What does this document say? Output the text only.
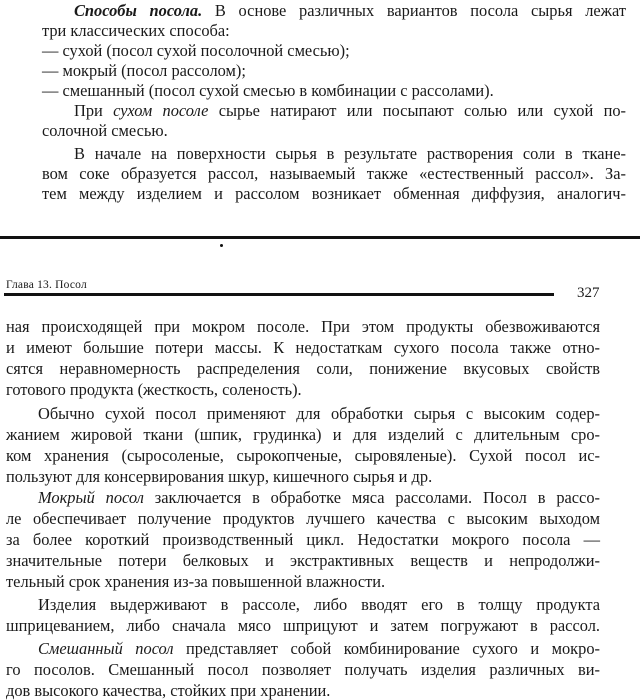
Способы посола. В основе различных вариантов посола сырья лежат
три классических способа:
— сухой (посол сухой посолочной смесью);
— мокрый (посол рассолом);
— смешанный (посол сухой смесью в комбинации с рассолами).
При сухом посоле сырье натирают или посыпают солью или сухой по-
солочной смесью.
В начале на поверхности сырья в результате растворения соли в ткане-
вом соке образуется рассол, называемый также «естественный рассол». За-
тем между изделием и рассолом возникает обменная диффузия, аналогич-
Глава 13. Посол	327
ная происходящей при мокром посоле. При этом продукты обезвоживаются
и имеют большие потери массы. К недостаткам сухого посола также отно-
сятся неравномерность распределения соли, понижение вкусовых свойств
готового продукта (жесткость, соленость).
Обычно сухой посол применяют для обработки сырья с высоким содер-
жанием жировой ткани (шпик, грудинка) и для изделий с длительным сро-
ком хранения (сыросоленые, сырокопченые, сыровяленые). Сухой посол ис-
пользуют для консервирования шкур, кишечного сырья и др.
Мокрый посол заключается в обработке мяса рассолами. Посол в рассо-
ле обеспечивает получение продуктов лучшего качества с высоким выходом
за более короткий производственный цикл. Недостатки мокрого посола —
значительные потери белковых и экстрактивных веществ и непродолжи-
тельный срок хранения из-за повышенной влажности.
Изделия выдерживают в рассоле, либо вводят его в толщу продукта
шприцеванием, либо сначала мясо шприцуют и затем погружают в рассол.
Смешанный посол представляет собой комбинирование сухого и мокро-
го посолов. Смешанный посол позволяет получать изделия различных ви-
дов высокого качества, стойких при хранении.
